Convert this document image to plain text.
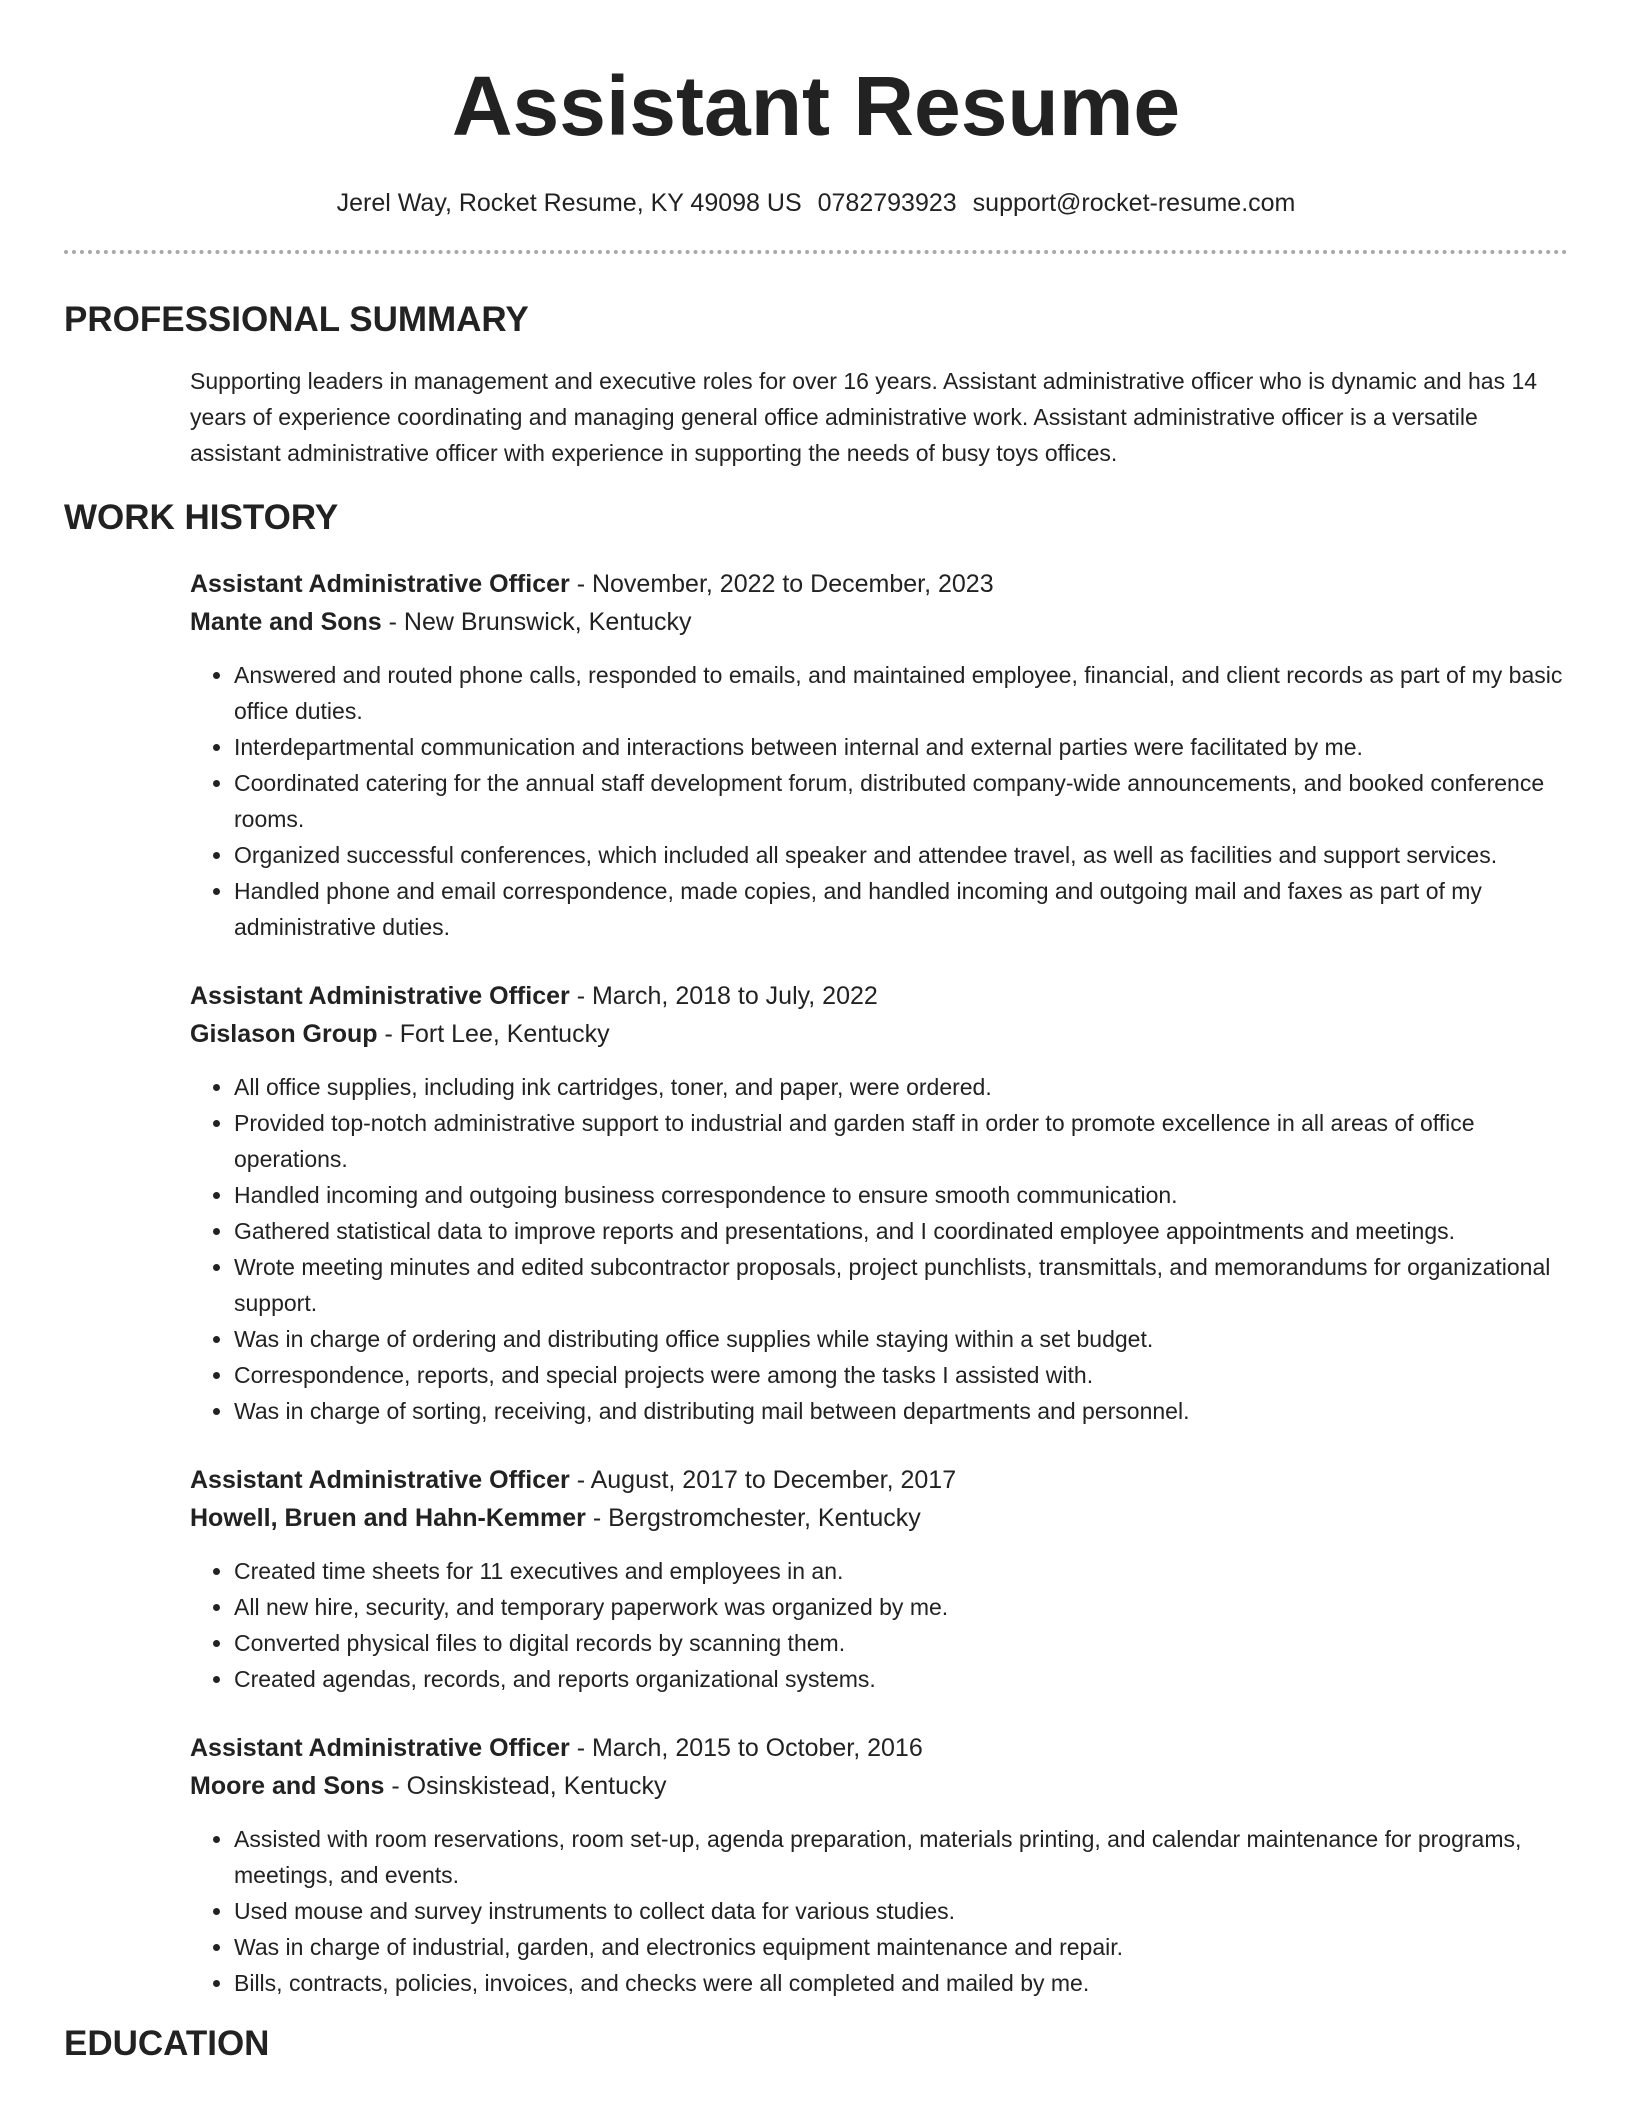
Assistant Resume
Jerel Way, Rocket Resume, KY 49098 US 0782793923 support@rocket-resume.com
PROFESSIONAL SUMMARY

Supporting leaders in management and executive roles for over 16 years. Assistant administrative officer who is dynamic and has 14 years of experience coordinating and managing general office administrative work. Assistant administrative officer is a versatile assistant administrative officer with experience in supporting the needs of busy toys offices.

WORK HISTORY
Assistant Administrative Officer - November, 2022 to December, 2023
Mante and Sons - New Brunswick, Kentucky
• Answered and routed phone calls, responded to emails, and maintained employee, financial, and client records as part of my basic office duties.
• Interdepartmental communication and interactions between internal and external parties were facilitated by me.
• Coordinated catering for the annual staff development forum, distributed company-wide announcements, and booked conference rooms.
• Organized successful conferences, which included all speaker and attendee travel, as well as facilities and support services.
• Handled phone and email correspondence, made copies, and handled incoming and outgoing mail and faxes as part of my administrative duties.
Assistant Administrative Officer - March, 2018 to July, 2022
Gislason Group - Fort Lee, Kentucky
• All office supplies, including ink cartridges, toner, and paper, were ordered.
• Provided top-notch administrative support to industrial and garden staff in order to promote excellence in all areas of office operations.
• Handled incoming and outgoing business correspondence to ensure smooth communication.
• Gathered statistical data to improve reports and presentations, and I coordinated employee appointments and meetings.
• Wrote meeting minutes and edited subcontractor proposals, project punchlists, transmittals, and memorandums for organizational support.
• Was in charge of ordering and distributing office supplies while staying within a set budget.
• Correspondence, reports, and special projects were among the tasks I assisted with.
• Was in charge of sorting, receiving, and distributing mail between departments and personnel.
Assistant Administrative Officer - August, 2017 to December, 2017
Howell, Bruen and Hahn-Kemmer - Bergstromchester, Kentucky
• Created time sheets for 11 executives and employees in an.
• All new hire, security, and temporary paperwork was organized by me.
• Converted physical files to digital records by scanning them.
• Created agendas, records, and reports organizational systems.
Assistant Administrative Officer - March, 2015 to October, 2016
Moore and Sons - Osinskistead, Kentucky
• Assisted with room reservations, room set-up, agenda preparation, materials printing, and calendar maintenance for programs, meetings, and events.
• Used mouse and survey instruments to collect data for various studies.
• Was in charge of industrial, garden, and electronics equipment maintenance and repair.
• Bills, contracts, policies, invoices, and checks were all completed and mailed by me.
EDUCATION
